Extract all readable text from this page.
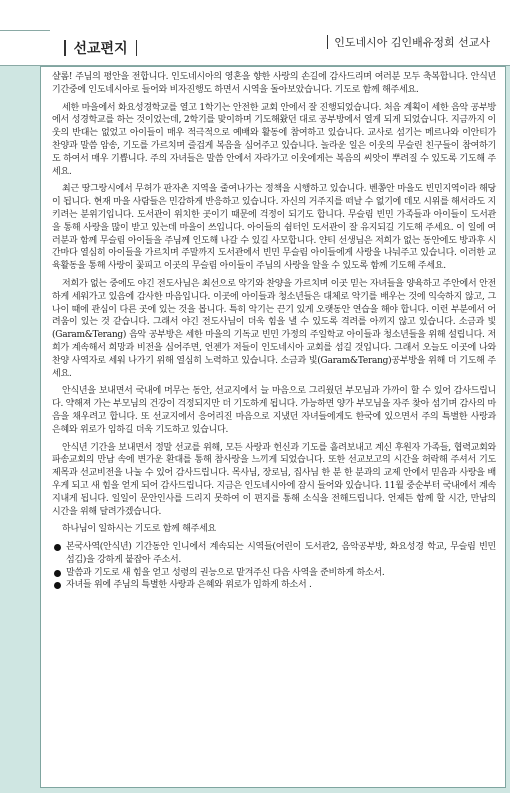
선교편지	인도네시아 김인배유정희 선교사

샬롬! 주님의 평안을 전합니다. 인도네시아의 영혼을 향한 사랑의 손길에 감사드리며 여러분 모두 축복합니다. 안식년 기간중에 인도네시아로 들어와 비자진행도 하면서 시역을 돌아보았습니다. 기도로 함께 해주세요.

세한 마을에서 화요성경학교를 열고 1학기는 안전한 교회 안에서 잘 진행되었습니다. 처음 계획이 세한 음악 공부방에서 성경학교를 하는 것이었는데, 2학기를 맞이하며 기도해왔던 대로 공부방에서 열게 되게 되었습니다. 지금까지 이웃의 반대는 없었고 아이들이 매우 적극적으로 예배와 활동에 참여하고 있습니다. 교사로 섬기는 메르나와 이안티가 찬양과 말씀 암송, 기도를 가르치며 즐겁게 복음을 심어주고 있습니다. 놀라운 일은 이웃의 무슬린 친구들이 참여하기도 하여서 매우 기쁩니다. 주의 자녀들은 말씀 안에서 자라가고 이웃에게는 복음의 씨앗이 뿌려질 수 있도록 기도해 주세요.

최근 땅그랑시에서 무허가 판자촌 지역을 줄여나가는 정책을 시행하고 있습니다. 벤쫑안 마을도 빈민지역이라 해당이 됩니다. 현재 마을 사람들은 민감하게 반응하고 있습니다. 자신의 거주지를 떠날 수 없기에 데모 시위를 해서라도 지키려는 분위기입니다. 도서관이 위치한 곳이기 때문에 걱정이 되기도 합니다. 무슬림 빈민 가족들과 아이들이 도서관을 통해 사랑을 많이 받고 있는데 마을이 쓰입니다. 아이들의 쉼터인 도서관이 잘 유지되길 기도해 주세요. 이 일에 여러분과 함께 무슬림 아이들을 주님께 인도해 나갈 수 있길 사모합니다. 얀티 선생님은 저희가 없는 동안에도 방과후 시간마다 열심히 아이들을 가르치며 주말까지 도서관에서 빈민 무슬림 아이들에게 사랑을 나눠주고 있습니다. 이러한 교육활동을 통해 사랑이 꽃피고 이곳의 무슬림 아이들이 주님의 사랑을 알을 수 있도록 함께 기도해 주세요.

저희가 없는 중에도 야긴 전도사님은 최선으로 악기와 찬양을 가르치며 이곳 믿는 자녀들을 양육하고 주안에서 안전하게 세워가고 있음에 감사한 마음입니다. 이곳에 아이들과 청소년들은 대체로 악기를 배우는 것에 익숙하지 않고, 그 나이 때에 관심이 다른 곳에 있는 것을 봅니다. 특히 악기는 끈기 있게 오랫동안 연습을 해야 합니다. 이런 부분에서 어려움이 있는 것 같습니다. 그래서 야긴 전도사님이 더욱 힘을 낼 수 있도록 격려를 아끼지 않고 있습니다. 소금과 빛(Garam&Terang) 음악 공부방은 세한 마을의 기독교 빈민 가정의 주일학교 아이들과 청소년들을 위해 설립니다. 저희가 계속해서 희망과 비전을 심어주면, 언젠가 저들이 인도네시아 교회를 섬길 것입니다. 그래서 오늘도 이곳에 나와 찬양 사역자로 세워 나가기 위해 열심히 노력하고 있습니다. 소금과 빛(Garam&Terang)공부방을 위해 더 기도해 주세요.

안식년을 보내면서 국내에 머무는 동안, 선교지에서 늘 마음으로 그리웠던 부모님과 가까이 할 수 있어 감사드립니다. 약해져 가는 부모님의 건강이 걱정되지만 더 기도하게 됩니다. 가능하면 양가 부모님을 자주 찾아 섬기며 감사의 마음을 채우려고 합니다. 또 선교지에서 응어리진 마음으로 지냈던 자녀들에게도 한국에 있으면서 주의 특별한 사랑과 은혜와 위로가 임하길 더욱 기도하고 있습니다.

안식년 기간을 보내면서 정말 선교를 위해, 모든 사랑과 헌신과 기도를 흘려보내고 계신 후원자 가족들, 협력교회와 파송교회의 만남 속에 변가운 환대를 통해 참사랑을 느끼게 되었습니다. 또한 선교보고의 시간을 허락해 주셔서 기도제목과 선교비전을 나눌 수 있어 감사드립니다. 목사님, 장로님, 집사님 한 분 한 분과의 교제 안에서 믿음과 사랑을 배우게 되고 새 힘을 얻게 되어 감사드립니다. 지금은 인도네시아에 잠시 들어와 있습니다. 11월 중순부터 국내에서 계속 지내게 됩니다. 일일이 문안인사를 드리지 못하여 이 편지를 통해 소식을 전해드립니다. 언제든 함께 할 시간, 만남의 시간을 위해 달려가겠습니다.

하나님이 일하시는 기도로 함께 해주세요

본국사역(안식년) 기간동안 인니에서 계속되는 시역들(어린이 도서관2, 음악공부방, 화요성경 학교, 무슬림 빈민 섬김)을 강하게 붙잡아 주소서.
말씀과 기도로 새 힘을 얻고 성령의 권능으로 맡겨주신 다음 사역을 준비하게 하소서.
자녀들 위에 주님의 특별한 사랑과 은혜와 위로가 임하게 하소서 .
